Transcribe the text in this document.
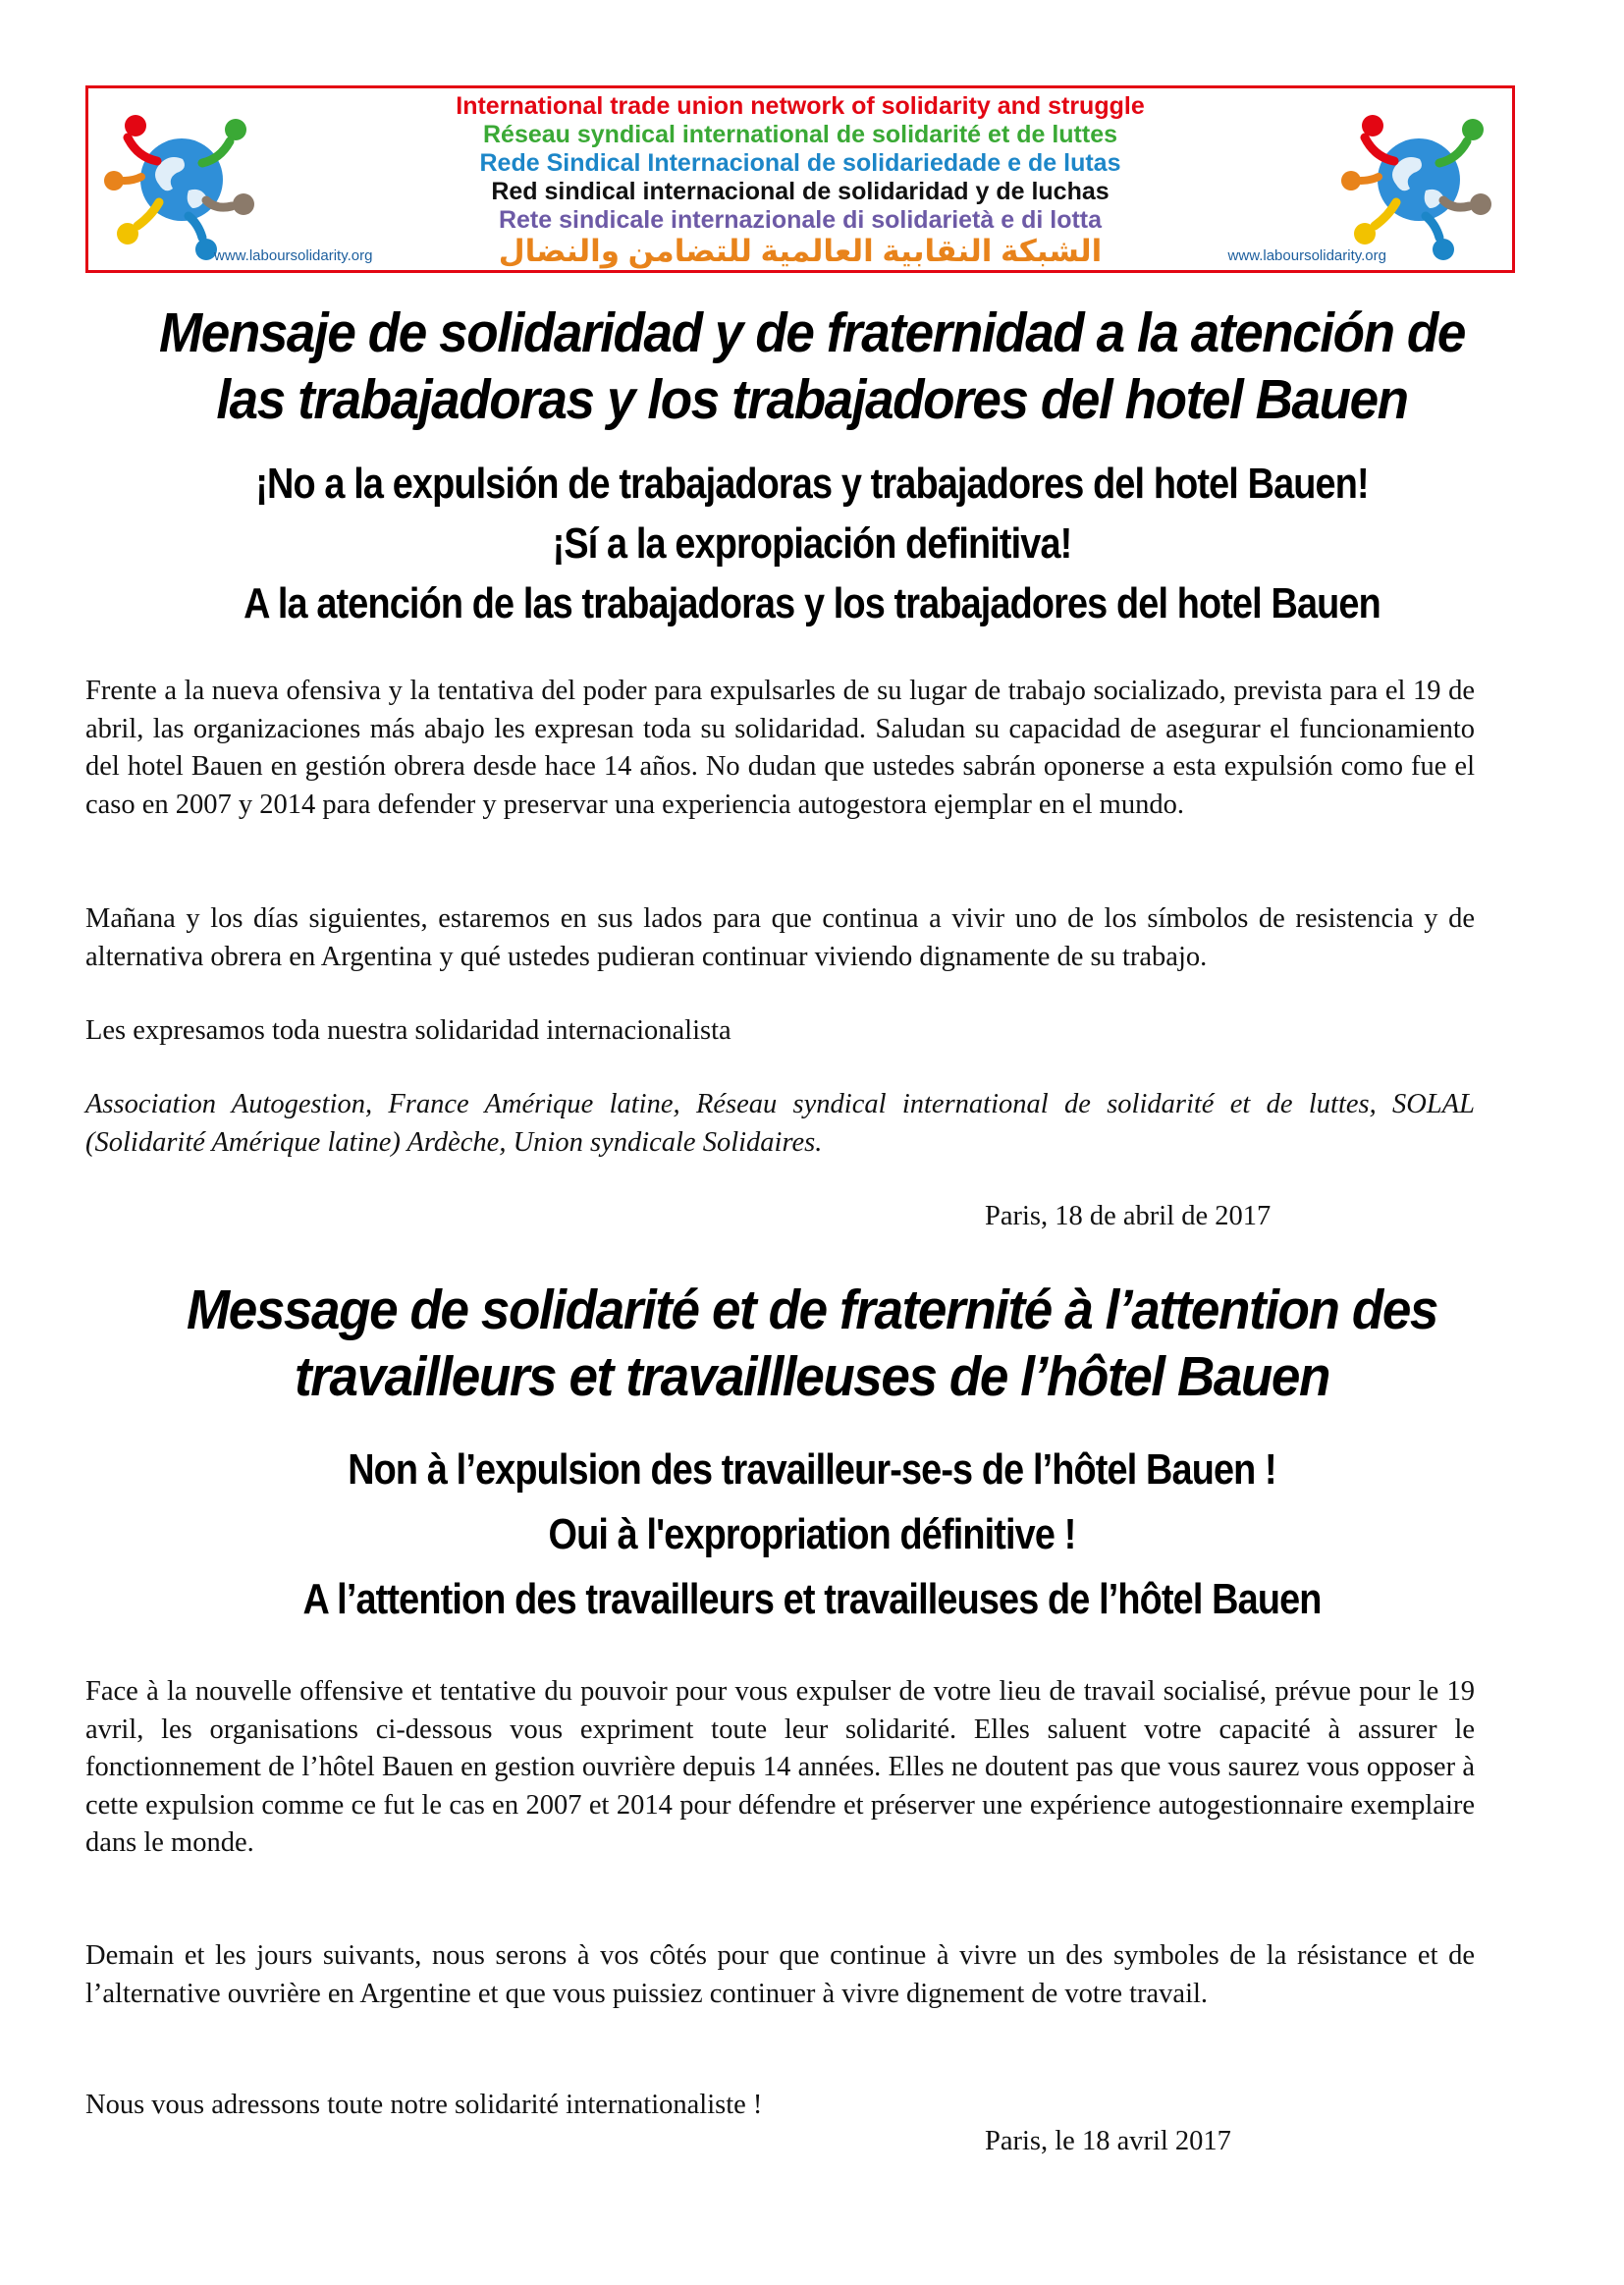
International trade union network of solidarity and struggle
Réseau syndical international de solidarité et de luttes
Rede Sindical Internacional de solidariedade e de lutas
Red sindical internacional de solidaridad y de luchas
Rete sindicale internazionale di solidarietà e di lotta
الشبكة النقابية العالمية للتضامن والنضال
www.laboursolidarity.org	www.laboursolidarity.org
Mensaje de solidaridad y de fraternidad a la atención de
las trabajadoras y los trabajadores del hotel Bauen
¡No a la expulsión de trabajadoras y trabajadores del hotel Bauen!
¡Sí a la expropiación definitiva!
A la atención de las trabajadoras y los trabajadores del hotel Bauen
Frente a la nueva ofensiva y la tentativa del poder para expulsarles de su lugar de trabajo socializado, prevista para el 19 de abril, las organizaciones más abajo les expresan toda su solidaridad. Saludan su capacidad de asegurar el funcionamiento del hotel Bauen en gestión obrera desde hace 14 años. No dudan que ustedes sabrán oponerse a esta expulsión como fue el caso en 2007 y 2014 para defender y preservar una experiencia autogestora ejemplar en el mundo.
Mañana y los días siguientes, estaremos en sus lados para que continua a vivir uno de los símbolos de resistencia y de alternativa obrera en Argentina y qué ustedes pudieran continuar viviendo dignamente de su trabajo.
Les expresamos toda nuestra solidaridad internacionalista
Association Autogestion, France Amérique latine, Réseau syndical international de solidarité et de luttes, SOLAL (Solidarité Amérique latine) Ardèche, Union syndicale Solidaires.
Paris, 18 de abril de 2017
Message de solidarité et de fraternité à l’attention des
travailleurs et travaillleuses de l’hôtel Bauen
Non à l’expulsion des travailleur-se-s de l’hôtel Bauen !
Oui à l'expropriation définitive !
A l’attention des travailleurs et travailleuses de l’hôtel Bauen
Face à la nouvelle offensive et tentative du pouvoir pour vous expulser de votre lieu de travail socialisé, prévue pour le 19 avril, les organisations ci-dessous vous expriment toute leur solidarité. Elles saluent votre capacité à assurer le fonctionnement de l’hôtel Bauen en gestion ouvrière depuis 14 années. Elles ne doutent pas que vous saurez vous opposer à cette expulsion comme ce fut le cas en 2007 et 2014 pour défendre et préserver une expérience autogestionnaire exemplaire dans le monde.
Demain et les jours suivants, nous serons à vos côtés pour que continue à vivre un des symboles de la résistance et de l’alternative ouvrière en Argentine et que vous puissiez continuer à vivre dignement de votre travail.
Nous vous adressons toute notre solidarité internationaliste !
Paris, le 18 avril 2017
